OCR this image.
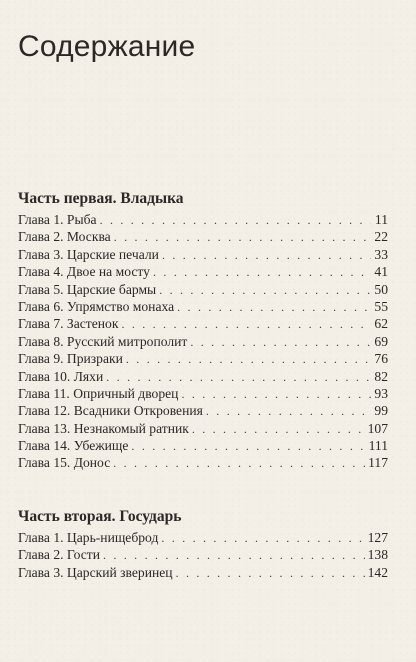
Содержание
Часть первая. Владыка
Глава 1. Рыба . . .	11
Глава 2. Москва . . .	22
Глава 3. Царские печали . . .	33
Глава 4. Двое на мосту . . .	41
Глава 5. Царские бармы . . .	50
Глава 6. Упрямство монаха . . .	55
Глава 7. Застенок . . .	62
Глава 8. Русский митрополит . . .	69
Глава 9. Призраки . . .	76
Глава 10. Ляхи . . .	82
Глава 11. Опричный дворец . . .	93
Глава 12. Всадники Откровения . . .	99
Глава 13. Незнакомый ратник . . .	107
Глава 14. Убежище . . .	111
Глава 15. Донос . . .	117
Часть вторая. Государь
Глава 1. Царь-нищеброд . . .	127
Глава 2. Гости . . .	138
Глава 3. Царский зверинец . . .	142
